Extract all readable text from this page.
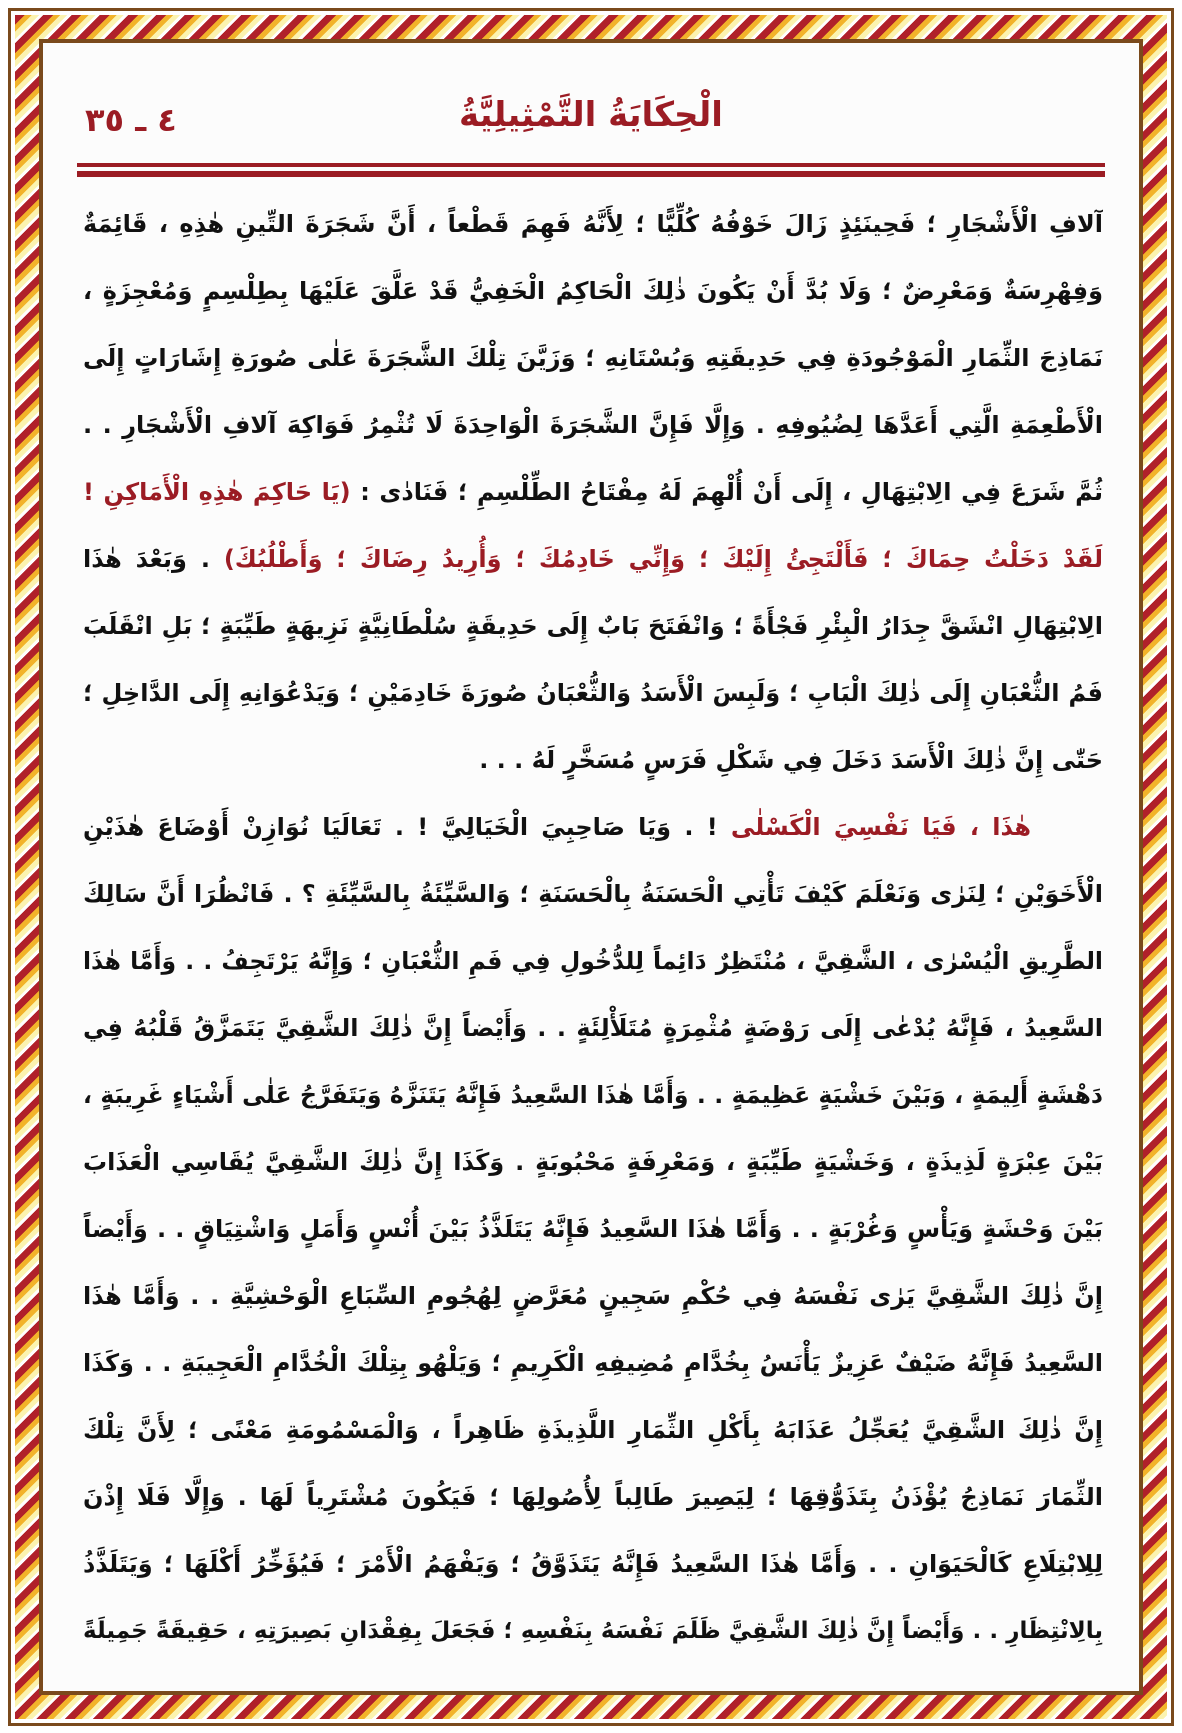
الْحِكَايَةُ التَّمْثِيلِيَّةُ
٤ ـ ٣٥
آلافِ الْأَشْجَارِ ؛ فَحِينَئِذٍ زَالَ خَوْفُهُ كُلِّيًّا ؛ لِأَنَّهُ فَهِمَ قَطْعاً ، أَنَّ شَجَرَةَ التِّينِ هٰذِهِ ، قَائِمَةٌ
وَفِهْرِسَةٌ وَمَعْرِضٌ ؛ وَلَا بُدَّ أَنْ يَكُونَ ذٰلِكَ الْحَاكِمُ الْخَفِيُّ قَدْ عَلَّقَ عَلَيْهَا بِطِلْسِمٍ وَمُعْجِزَةٍ ،
نَمَاذِجَ الثِّمَارِ الْمَوْجُودَةِ فِي حَدِيقَتِهِ وَبُسْتَانِهِ ؛ وَزَيَّنَ تِلْكَ الشَّجَرَةَ عَلٰى صُورَةِ إِشَارَاتٍ إِلَى
الْأَطْعِمَةِ الَّتِي أَعَدَّهَا لِضُيُوفِهِ . وَإِلَّا فَإِنَّ الشَّجَرَةَ الْوَاحِدَةَ لَا تُثْمِرُ فَوَاكِهَ آلافِ الْأَشْجَارِ . .
ثُمَّ شَرَعَ فِي الِابْتِهَالِ ، إِلَى أَنْ أُلْهِمَ لَهُ مِفْتَاحُ الطِّلْسِمِ ؛ فَنَادٰى : (يَا حَاكِمَ هٰذِهِ الْأَمَاكِنِ !
لَقَدْ دَخَلْتُ حِمَاكَ ؛ فَأَلْتَجِئُ إِلَيْكَ ؛ وَإِنِّي خَادِمُكَ ؛ وَأُرِيدُ رِضَاكَ ؛ وَأَطْلُبُكَ) . وَبَعْدَ هٰذَا
الِابْتِهَالِ انْشَقَّ جِدَارُ الْبِئْرِ فَجْأَةً ؛ وَانْفَتَحَ بَابٌ إِلَى حَدِيقَةٍ سُلْطَانِيَّةٍ نَزِيهَةٍ طَيِّبَةٍ ؛ بَلِ انْقَلَبَ
فَمُ الثُّعْبَانِ إِلَى ذٰلِكَ الْبَابِ ؛ وَلَبِسَ الْأَسَدُ وَالثُّعْبَانُ صُورَةَ خَادِمَيْنِ ؛ وَيَدْعُوَانِهِ إِلَى الدَّاخِلِ ؛
حَتّٰى إِنَّ ذٰلِكَ الْأَسَدَ دَخَلَ فِي شَكْلِ فَرَسٍ مُسَخَّرٍ لَهُ . . .
هٰذَا ، فَيَا نَفْسِيَ الْكَسْلٰى ! . وَيَا صَاحِبِيَ الْخَيَالِيَّ ! . تَعَالَيَا نُوَازِنْ أَوْضَاعَ هٰذَيْنِ
الْأَخَوَيْنِ ؛ لِنَرٰى وَنَعْلَمَ كَيْفَ تَأْتِي الْحَسَنَةُ بِالْحَسَنَةِ ؛ وَالسَّيِّئَةُ بِالسَّيِّئَةِ ؟ . فَانْظُرَا أَنَّ سَالِكَ
الطَّرِيقِ الْيُسْرٰى ، الشَّقِيَّ ، مُنْتَظِرٌ دَائِماً لِلدُّخُولِ فِي فَمِ الثُّعْبَانِ ؛ وَإِنَّهُ يَرْتَجِفُ . . وَأَمَّا هٰذَا
السَّعِيدُ ، فَإِنَّهُ يُدْعٰى إِلَى رَوْضَةٍ مُثْمِرَةٍ مُتَلَأْلِئَةٍ . . وَأَيْضاً إِنَّ ذٰلِكَ الشَّقِيَّ يَتَمَزَّقُ قَلْبُهُ فِي
دَهْشَةٍ أَلِيمَةٍ ، وَبَيْنَ خَشْيَةٍ عَظِيمَةٍ . . وَأَمَّا هٰذَا السَّعِيدُ فَإِنَّهُ يَتَنَزَّهُ وَيَتَفَرَّجُ عَلٰى أَشْيَاءٍ غَرِيبَةٍ ،
بَيْنَ عِبْرَةٍ لَذِيذَةٍ ، وَخَشْيَةٍ طَيِّبَةٍ ، وَمَعْرِفَةٍ مَحْبُوبَةٍ . وَكَذَا إِنَّ ذٰلِكَ الشَّقِيَّ يُقَاسِي الْعَذَابَ
بَيْنَ وَحْشَةٍ وَيَأْسٍ وَغُرْبَةٍ . . وَأَمَّا هٰذَا السَّعِيدُ فَإِنَّهُ يَتَلَذَّذُ بَيْنَ أُنْسٍ وَأَمَلٍ وَاشْتِيَاقٍ . . وَأَيْضاً
إِنَّ ذٰلِكَ الشَّقِيَّ يَرٰى نَفْسَهُ فِي حُكْمِ سَجِينٍ مُعَرَّضٍ لِهُجُومِ السِّبَاعِ الْوَحْشِيَّةِ . . وَأَمَّا هٰذَا
السَّعِيدُ فَإِنَّهُ ضَيْفٌ عَزِيزٌ يَأْنَسُ بِخُدَّامِ مُضِيفِهِ الْكَرِيمِ ؛ وَيَلْهُو بِتِلْكَ الْخُدَّامِ الْعَجِيبَةِ . . وَكَذَا
إِنَّ ذٰلِكَ الشَّقِيَّ يُعَجِّلُ عَذَابَهُ بِأَكْلِ الثِّمَارِ اللَّذِيذَةِ ظَاهِراً ، وَالْمَسْمُومَةِ مَعْنًى ؛ لِأَنَّ تِلْكَ
الثِّمَارَ نَمَاذِجُ يُؤْذَنُ بِتَذَوُّقِهَا ؛ لِيَصِيرَ طَالِباً لِأُصُولِهَا ؛ فَيَكُونَ مُشْتَرِياً لَهَا . وَإِلَّا فَلَا إِذْنَ
لِلِابْتِلَاعِ كَالْحَيَوَانِ . . وَأَمَّا هٰذَا السَّعِيدُ فَإِنَّهُ يَتَذَوَّقُ ؛ وَيَفْهَمُ الْأَمْرَ ؛ فَيُؤَخِّرُ أَكْلَهَا ؛ وَيَتَلَذَّذُ
بِالِانْتِظَارِ . . وَأَيْضاً إِنَّ ذٰلِكَ الشَّقِيَّ ظَلَمَ نَفْسَهُ بِنَفْسِهِ ؛ فَجَعَلَ بِفِقْدَانِ بَصِيرَتِهِ ، حَقِيقَةً جَمِيلَةً
